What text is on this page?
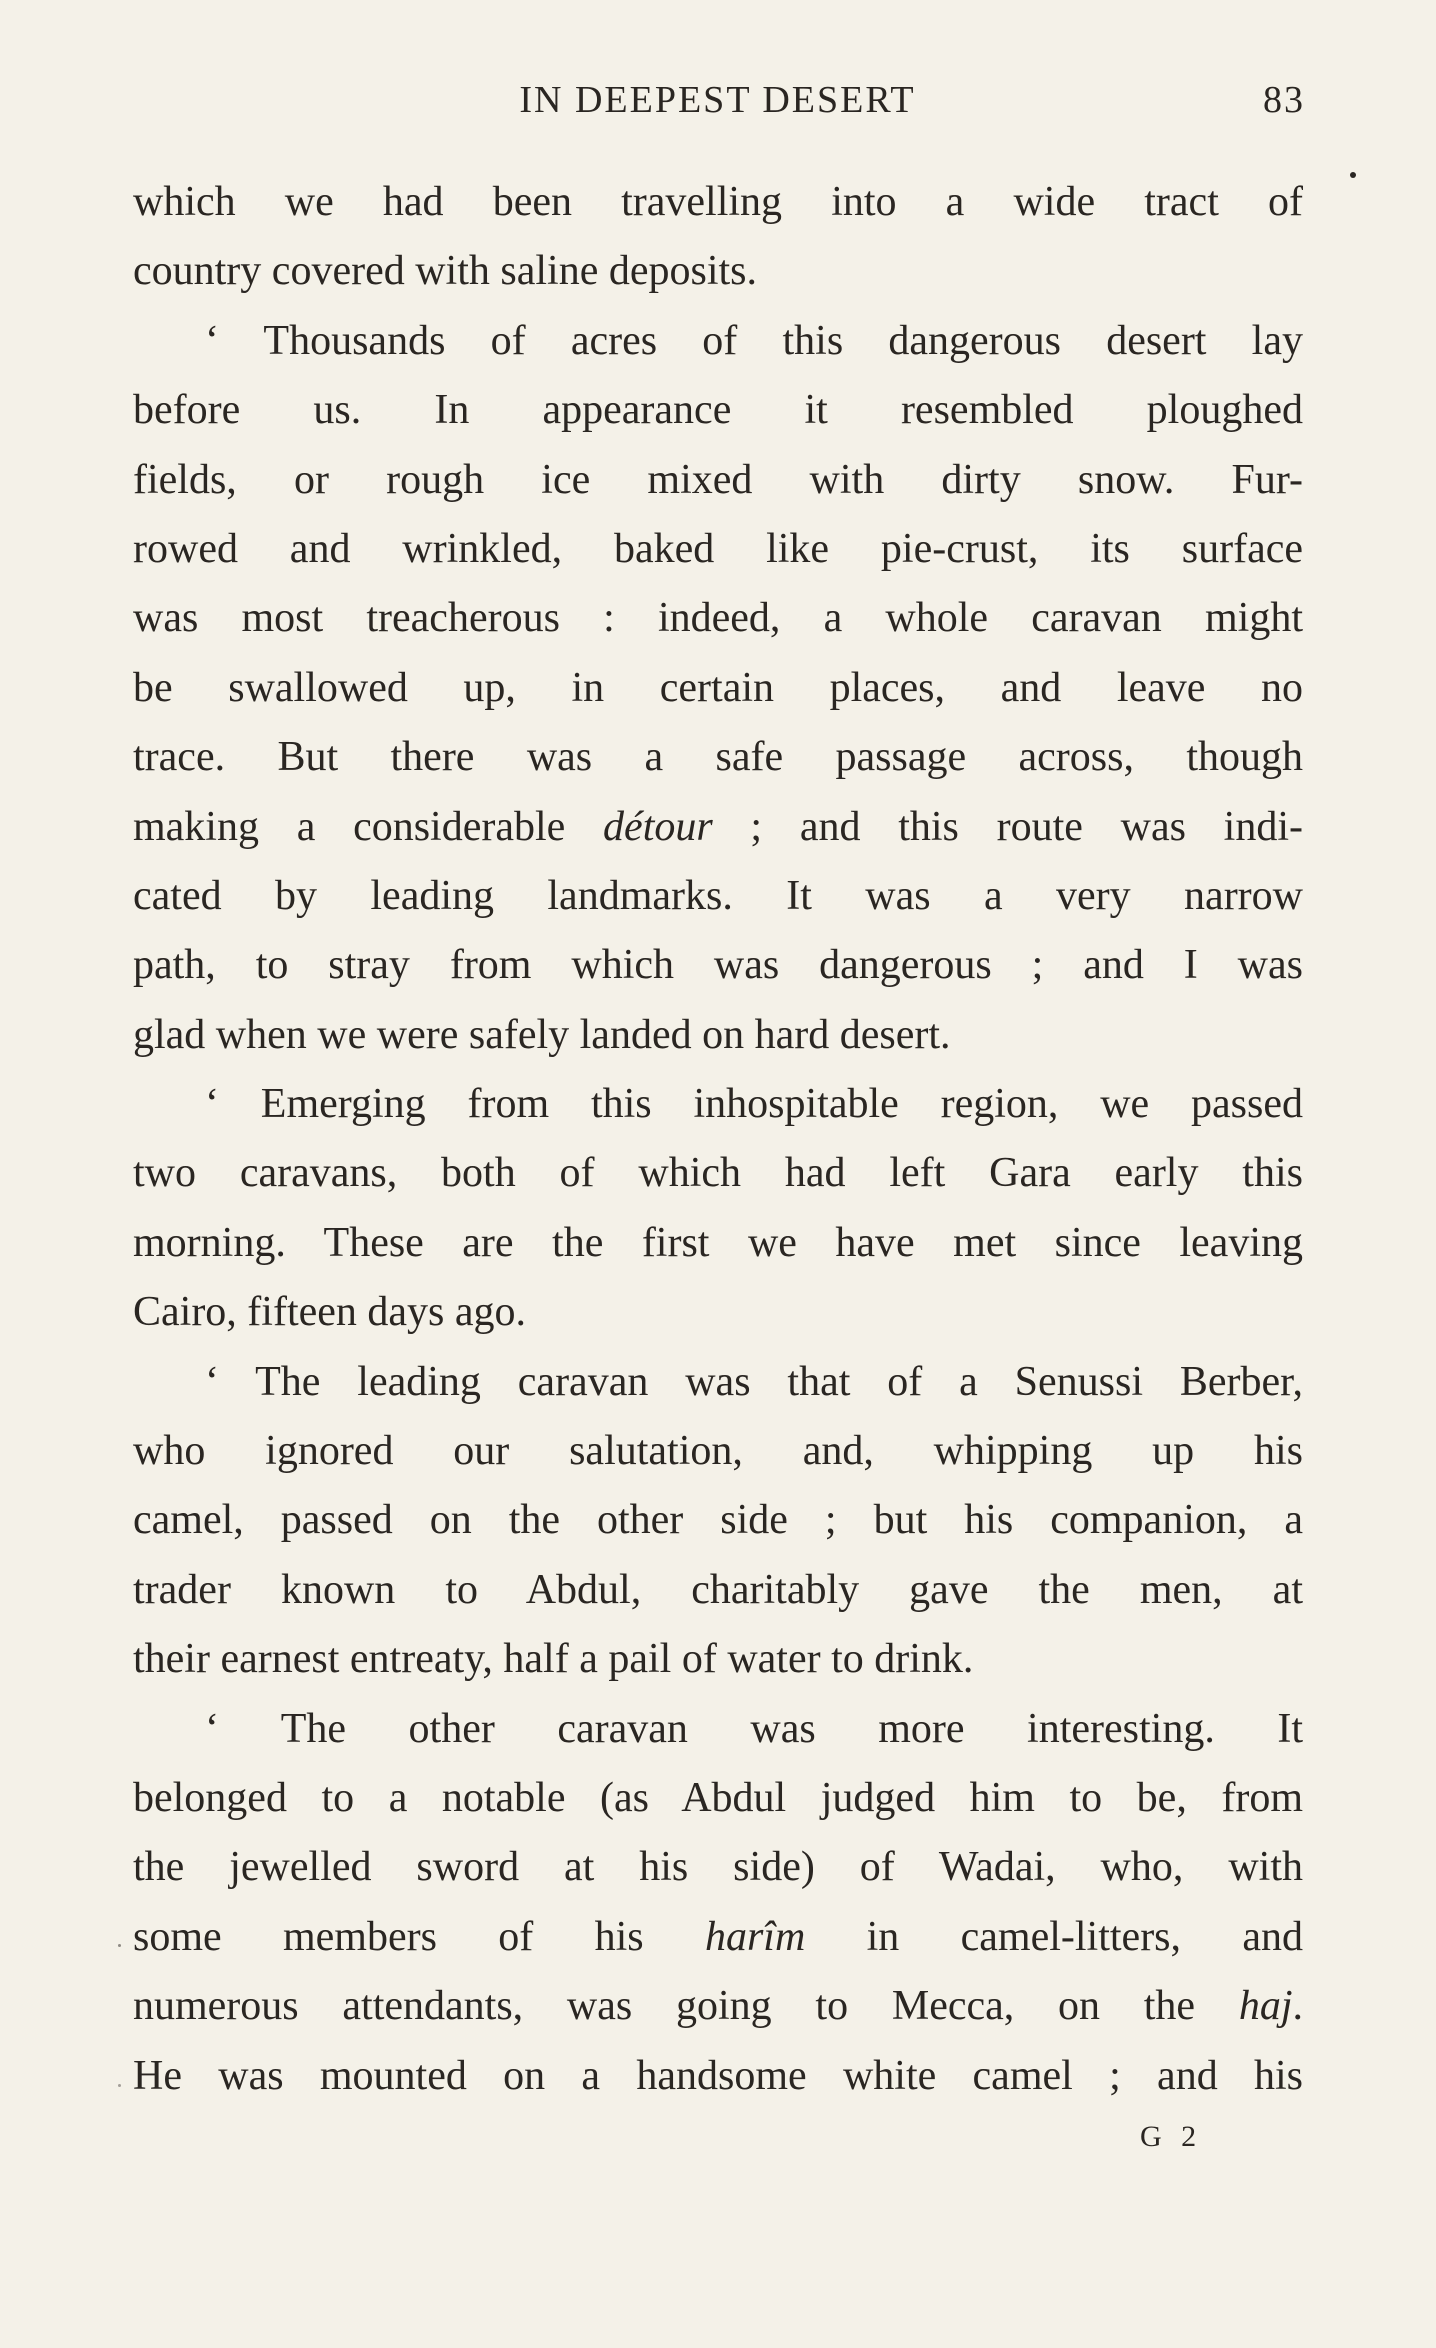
IN DEEPEST DESERT	83
which we had been travelling into a wide tract of
country covered with saline deposits.
‘ Thousands of acres of this dangerous desert lay
before us. In appearance it resembled ploughed
fields, or rough ice mixed with dirty snow. Fur-
rowed and wrinkled, baked like pie-crust, its surface
was most treacherous : indeed, a whole caravan might
be swallowed up, in certain places, and leave no
trace. But there was a safe passage across, though
making a considerable détour ; and this route was indi-
cated by leading landmarks. It was a very narrow
path, to stray from which was dangerous ; and I was
glad when we were safely landed on hard desert.
‘ Emerging from this inhospitable region, we passed
two caravans, both of which had left Gara early this
morning. These are the first we have met since leaving
Cairo, fifteen days ago.
‘ The leading caravan was that of a Senussi Berber,
who ignored our salutation, and, whipping up his
camel, passed on the other side ; but his companion, a
trader known to Abdul, charitably gave the men, at
their earnest entreaty, half a pail of water to drink.
‘ The other caravan was more interesting. It
belonged to a notable (as Abdul judged him to be, from
the jewelled sword at his side) of Wadai, who, with
some members of his harîm in camel-litters, and
numerous attendants, was going to Mecca, on the haj.
He was mounted on a handsome white camel ; and his
G 2
